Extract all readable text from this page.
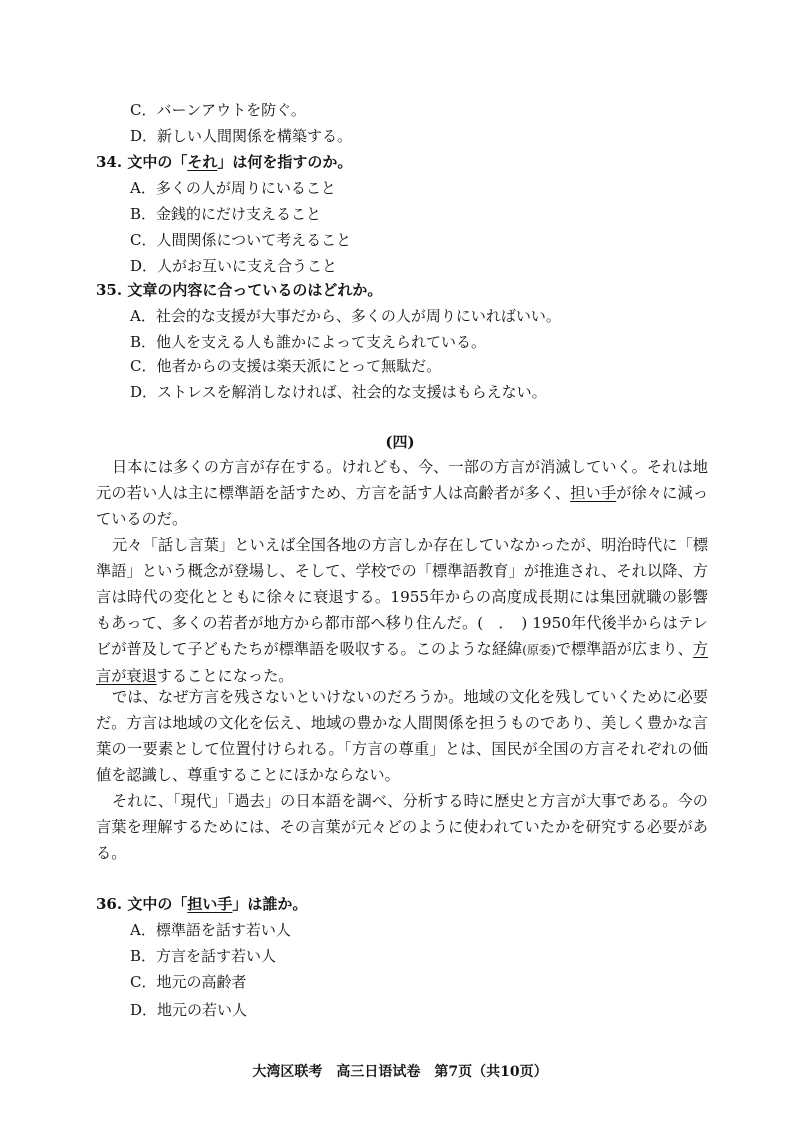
C．バーンアウトを防ぐ。
D．新しい人間関係を構築する。
34. 文中の「それ」は何を指すのか。
A．多くの人が周りにいること
B．金銭的にだけ支えること
C．人間関係について考えること
D．人がお互いに支え合うこと
35. 文章の内容に合っているのはどれか。
A．社会的な支援が大事だから、多くの人が周りにいればいい。
B．他人を支える人も誰かによって支えられている。
C．他者からの支援は楽天派にとって無駄だ。
D．ストレスを解消しなければ、社会的な支援はもらえない。
(四)
日本には多くの方言が存在する。けれども、今、一部の方言が消滅していく。それは地元の若い人は主に標準語を話すため、方言を話す人は高齢者が多く、担い手が徐々に減っているのだ。
元々「話し言葉」といえば全国各地の方言しか存在していなかったが、明治時代に「標準語」という概念が登場し、そして、学校での「標準語教育」が推進され、それ以降、方言は時代の変化とともに徐々に衰退する。1955年からの高度成長期には集団就職の影響もあって、多くの若者が地方から都市部へ移り住んだ。(　．　) 1950年代後半からはテレビが普及して子どもたちが標準語を吸収する。このような経緯(原委)で標準語が広まり、方言が衰退することになった。
では、なぜ方言を残さないといけないのだろうか。地域の文化を残していくために必要だ。方言は地域の文化を伝え、地域の豊かな人間関係を担うものであり、美しく豊かな言葉の一要素として位置付けられる。「方言の尊重」とは、国民が全国の方言それぞれの価値を認識し、尊重することにほかならない。
それに、「現代」「過去」の日本語を調べ、分析する時に歴史と方言が大事である。今の言葉を理解するためには、その言葉が元々どのように使われていたかを研究する必要がある。
36. 文中の「担い手」は誰か。
A．標準語を話す若い人
B．方言を話す若い人
C．地元の高齢者
D．地元の若い人
大湾区联考　高三日语试卷　第7页（共10页）
